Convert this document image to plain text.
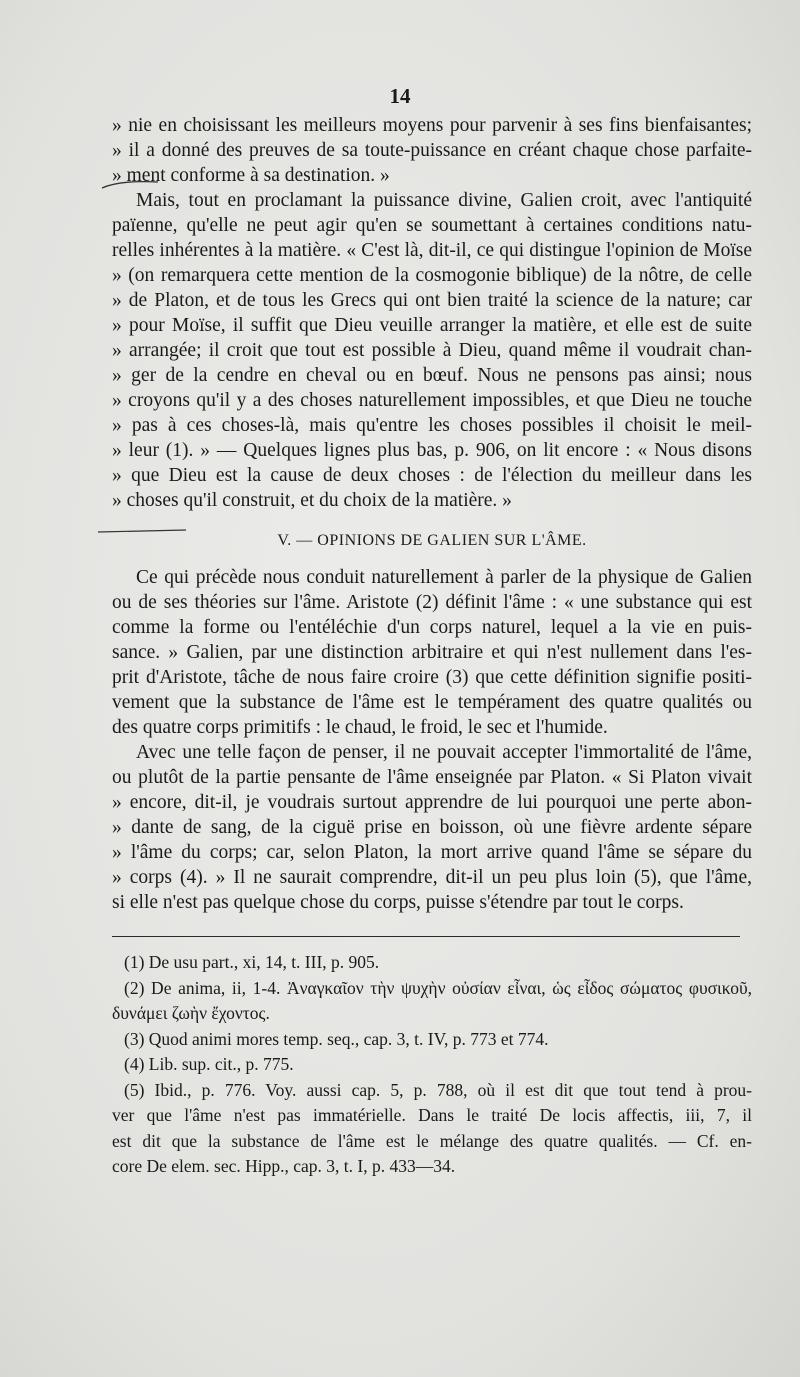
14
» nie en choisissant les meilleurs moyens pour parvenir à ses fins bienfaisantes;
» il a donné des preuves de sa toute-puissance en créant chaque chose parfaite-
» ment conforme à sa destination. »
Mais, tout en proclamant la puissance divine, Galien croit, avec l'antiquité
païenne, qu'elle ne peut agir qu'en se soumettant à certaines conditions natu-
relles inhérentes à la matière. « C'est là, dit-il, ce qui distingue l'opinion de Moïse
» (on remarquera cette mention de la cosmogonie biblique) de la nôtre, de celle
» de Platon, et de tous les Grecs qui ont bien traité la science de la nature; car
» pour Moïse, il suffit que Dieu veuille arranger la matière, et elle est de suite
» arrangée; il croit que tout est possible à Dieu, quand même il voudrait chan-
» ger de la cendre en cheval ou en bœuf. Nous ne pensons pas ainsi; nous
» croyons qu'il y a des choses naturellement impossibles, et que Dieu ne touche
» pas à ces choses-là, mais qu'entre les choses possibles il choisit le meil-
» leur (1). » — Quelques lignes plus bas, p. 906, on lit encore : « Nous disons
» que Dieu est la cause de deux choses : de l'élection du meilleur dans les
» choses qu'il construit, et du choix de la matière. »
V. — OPINIONS DE GALIEN SUR L'ÂME.
Ce qui précède nous conduit naturellement à parler de la physique de Galien
ou de ses théories sur l'âme. Aristote (2) définit l'âme : « une substance qui est
comme la forme ou l'entéléchie d'un corps naturel, lequel a la vie en puis-
sance. » Galien, par une distinction arbitraire et qui n'est nullement dans l'es-
prit d'Aristote, tâche de nous faire croire (3) que cette définition signifie positi-
vement que la substance de l'âme est le tempérament des quatre qualités ou
des quatre corps primitifs : le chaud, le froid, le sec et l'humide.
Avec une telle façon de penser, il ne pouvait accepter l'immortalité de l'âme,
ou plutôt de la partie pensante de l'âme enseignée par Platon. « Si Platon vivait
» encore, dit-il, je voudrais surtout apprendre de lui pourquoi une perte abon-
» dante de sang, de la ciguë prise en boisson, où une fièvre ardente sépare
» l'âme du corps; car, selon Platon, la mort arrive quand l'âme se sépare du
» corps (4). » Il ne saurait comprendre, dit-il un peu plus loin (5), que l'âme,
si elle n'est pas quelque chose du corps, puisse s'étendre par tout le corps.
(1) De usu part., xi, 14, t. III, p. 905.
(2) De anima, ii, 1-4. Ἀναγκαῖον τὴν ψυχὴν οὐσίαν εἶναι, ὡς εἶδος σώματος φυσικοῦ,
δυνάμει ζωὴν ἔχοντος.
(3) Quod animi mores temp. seq., cap. 3, t. IV, p. 773 et 774.
(4) Lib. sup. cit., p. 775.
(5) Ibid., p. 776. Voy. aussi cap. 5, p. 788, où il est dit que tout tend à prou-
ver que l'âme n'est pas immatérielle. Dans le traité De locis affectis, iii, 7, il
est dit que la substance de l'âme est le mélange des quatre qualités. — Cf. en-
core De elem. sec. Hipp., cap. 3, t. I, p. 433—34.
